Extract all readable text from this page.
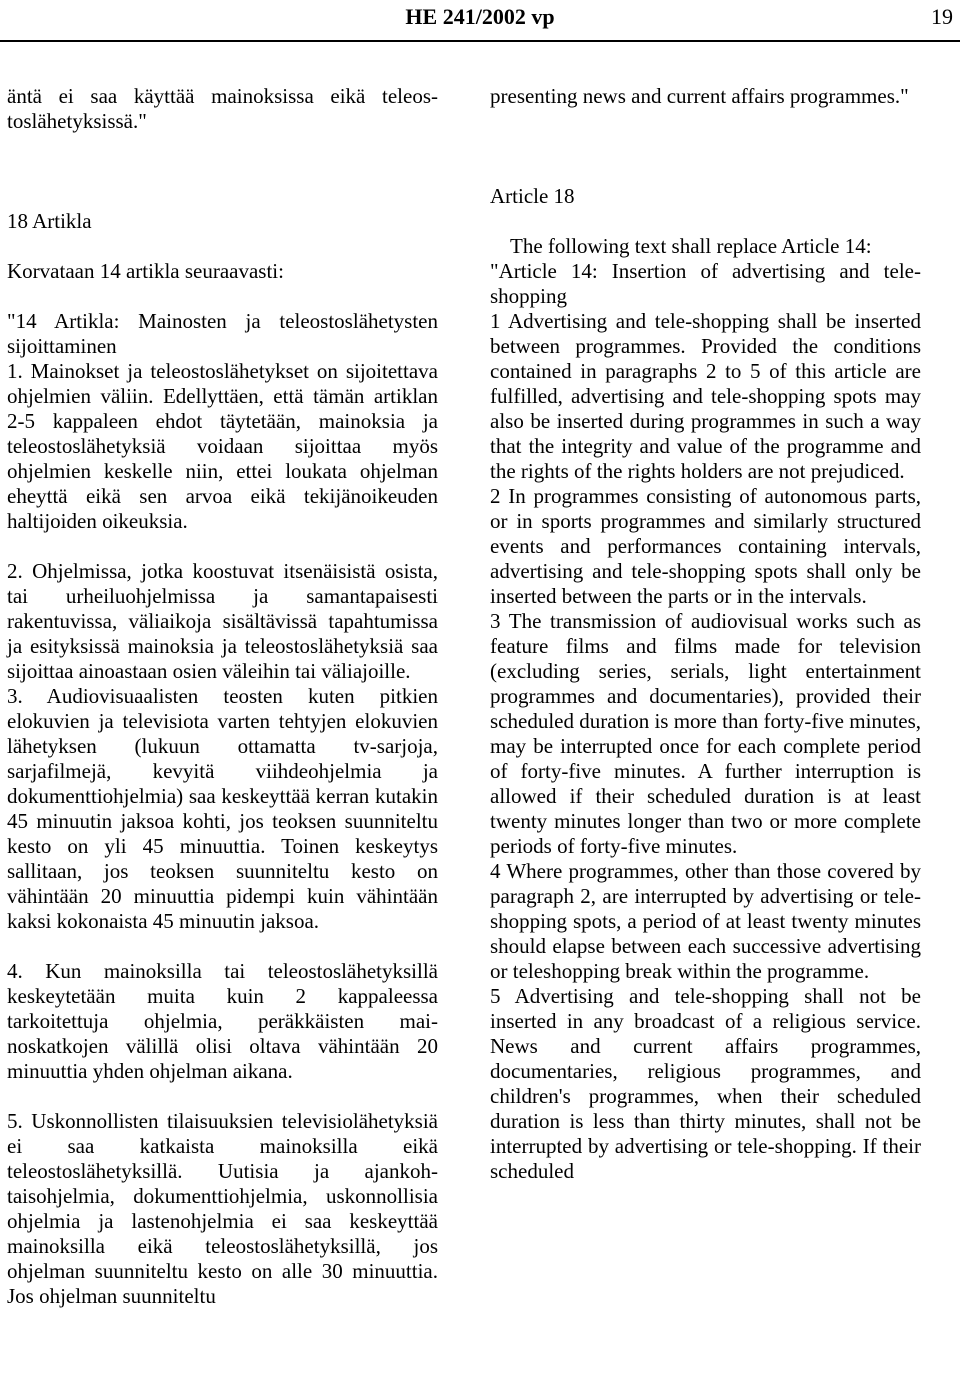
HE 241/2002 vp	19

äntä ei saa käyttää mainoksissa eikä teleostoslähetyksissä."

18 Artikla

Korvataan 14 artikla seuraavasti:

"14 Artikla: Mainosten ja teleostoslähetysten sijoittaminen

1. Mainokset ja teleostoslähetykset on sijoitettava ohjelmien väliin. Edellyttäen, että tämän artiklan 2-5 kappaleen ehdot täytetään, mainoksia ja teleostoslähetyksiä voidaan sijoittaa myös ohjelmien keskelle niin, ettei loukata ohjelman eheyttä eikä sen arvoa eikä tekijänoikeuden haltijoiden oikeuksia.

2. Ohjelmissa, jotka koostuvat itsenäisistä osista, tai urheiluohjelmissa ja samantapaisesti rakentuvissa, väliaikoja sisältävissä tapahtumissa ja esityksissä mainoksia ja teleostoslähetyksiä saa sijoittaa ainoastaan osien väleihin tai väliajoille.

3. Audiovisuaalisten teosten kuten pitkien elokuvien ja televisiota varten tehtyjen elokuvien lähetyksen (lukuun ottamatta tv-sarjoja, sarjafilmejä, kevyitä viihdeohjelmia ja dokumenttiohjelmia) saa keskeyttää kerran kutakin 45 minuutin jaksoa kohti, jos teoksen suunniteltu kesto on yli 45 minuuttia. Toinen keskeytys sallitaan, jos teoksen suunniteltu kesto on vähintään 20 minuuttia pidempi kuin vähintään kaksi kokonaista 45 minuutin jaksoa.

4. Kun mainoksilla tai teleostoslähetyksillä keskeytetään muita kuin 2 kappaleessa tarkoitettuja ohjelmia, peräkkäisten mainoskatkojen välillä olisi oltava vähintään 20 minuuttia yhden ohjelman aikana.

5. Uskonnollisten tilaisuuksien televisiolähetyksiä ei saa katkaista mainoksilla eikä teleostoslähetyksillä. Uutisia ja ajankohtaisohjelmia, dokumenttiohjelmia, uskonnollisia ohjelmia ja lastenohjelmia ei saa keskeyttää mainoksilla eikä teleostoslähetyksillä, jos ohjelman suunniteltu kesto on alle 30 minuuttia. Jos ohjelman suunniteltu

presenting news and current affairs programmes."

Article 18

The following text shall replace Article 14:

"Article 14: Insertion of advertising and tele-shopping

1 Advertising and tele-shopping shall be inserted between programmes. Provided the conditions contained in paragraphs 2 to 5 of this article are fulfilled, advertising and tele-shopping spots may also be inserted during programmes in such a way that the integrity and value of the programme and the rights of the rights holders are not prejudiced.

2 In programmes consisting of autonomous parts, or in sports programmes and similarly structured events and performances containing intervals, advertising and tele-shopping spots shall only be inserted between the parts or in the intervals.

3 The transmission of audiovisual works such as feature films and films made for television (excluding series, serials, light entertainment programmes and documentaries), provided their scheduled duration is more than forty-five minutes, may be interrupted once for each complete period of forty-five minutes. A further interruption is allowed if their scheduled duration is at least twenty minutes longer than two or more complete periods of forty-five minutes.

4 Where programmes, other than those covered by paragraph 2, are interrupted by advertising or tele-shopping spots, a period of at least twenty minutes should elapse between each successive advertising or teleshopping break within the programme.

5 Advertising and tele-shopping shall not be inserted in any broadcast of a religious service. News and current affairs programmes, documentaries, religious programmes, and children's programmes, when their scheduled duration is less than thirty minutes, shall not be interrupted by advertising or tele-shopping. If their scheduled
